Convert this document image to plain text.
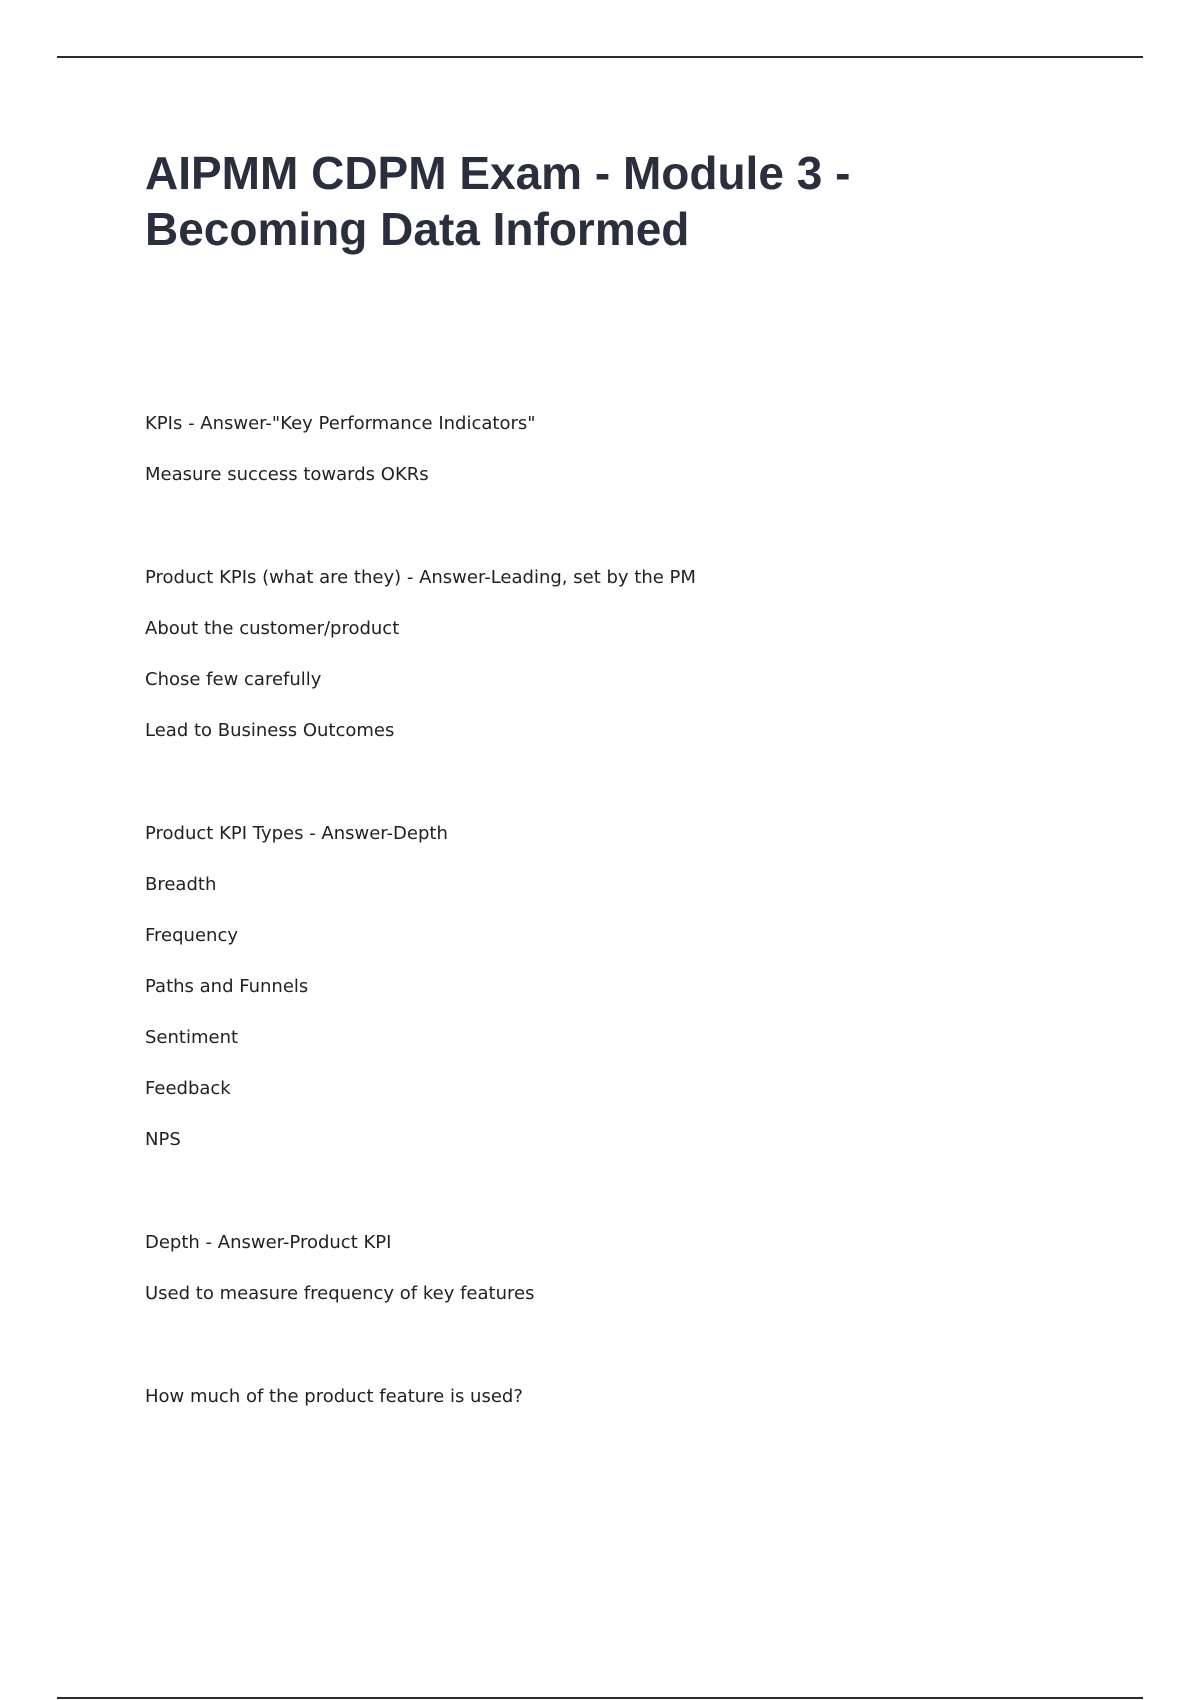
AIPMM CDPM Exam - Module 3 -
Becoming Data Informed
KPIs - Answer-"Key Performance Indicators"
Measure success towards OKRs
Product KPIs (what are they) - Answer-Leading, set by the PM
About the customer/product
Chose few carefully
Lead to Business Outcomes
Product KPI Types - Answer-Depth
Breadth
Frequency
Paths and Funnels
Sentiment
Feedback
NPS
Depth - Answer-Product KPI
Used to measure frequency of key features
How much of the product feature is used?
